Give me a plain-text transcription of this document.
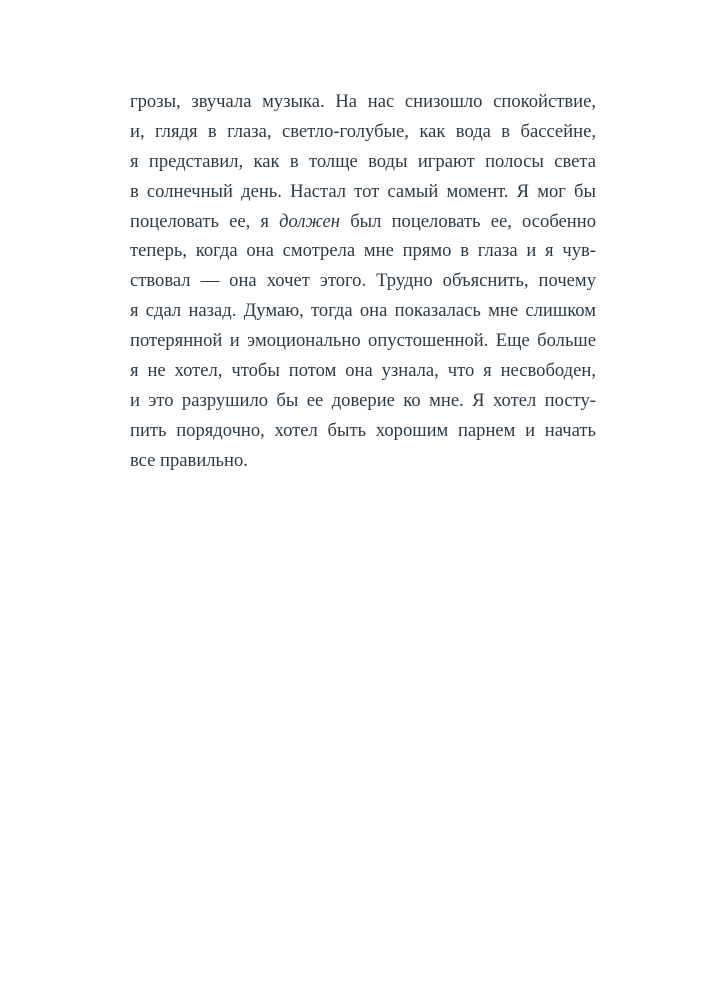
грозы, звучала музыка. На нас снизошло спокойствие,
и, глядя в глаза, светло-голубые, как вода в бассейне,
я представил, как в толще воды играют полосы света
в солнечный день. Настал тот самый момент. Я мог бы
поцеловать ее, я должен был поцеловать ее, особенно
теперь, когда она смотрела мне прямо в глаза и я чув-
ствовал — она хочет этого. Трудно объяснить, почему
я сдал назад. Думаю, тогда она показалась мне слишком
потерянной и эмоционально опустошенной. Еще больше
я не хотел, чтобы потом она узнала, что я несвободен,
и это разрушило бы ее доверие ко мне. Я хотел посту-
пить порядочно, хотел быть хорошим парнем и начать
все правильно.
